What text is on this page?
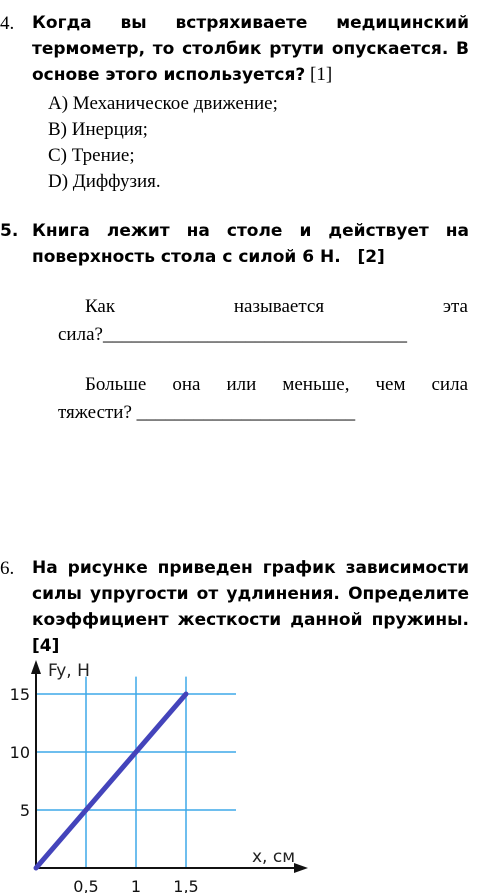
4. Когда вы встряхиваете медицинский термометр, то столбик ртути опускается. В основе этого используется? [1]
A) Механическое движение;
B) Инерция;
C) Трение;
D) Диффузия.
5. Книга лежит на столе и действует на поверхность стола с силой 6 Н. [2]
Как называется эта
сила?________________________________
Больше она или меньше, чем сила
тяжести? _______________________
6. На рисунке приведен график зависимости силы упругости от удлинения. Определите коэффициент жесткости данной пружины. [4]
5
10
15
0,5 1 1,5
Fy, H
x, см
